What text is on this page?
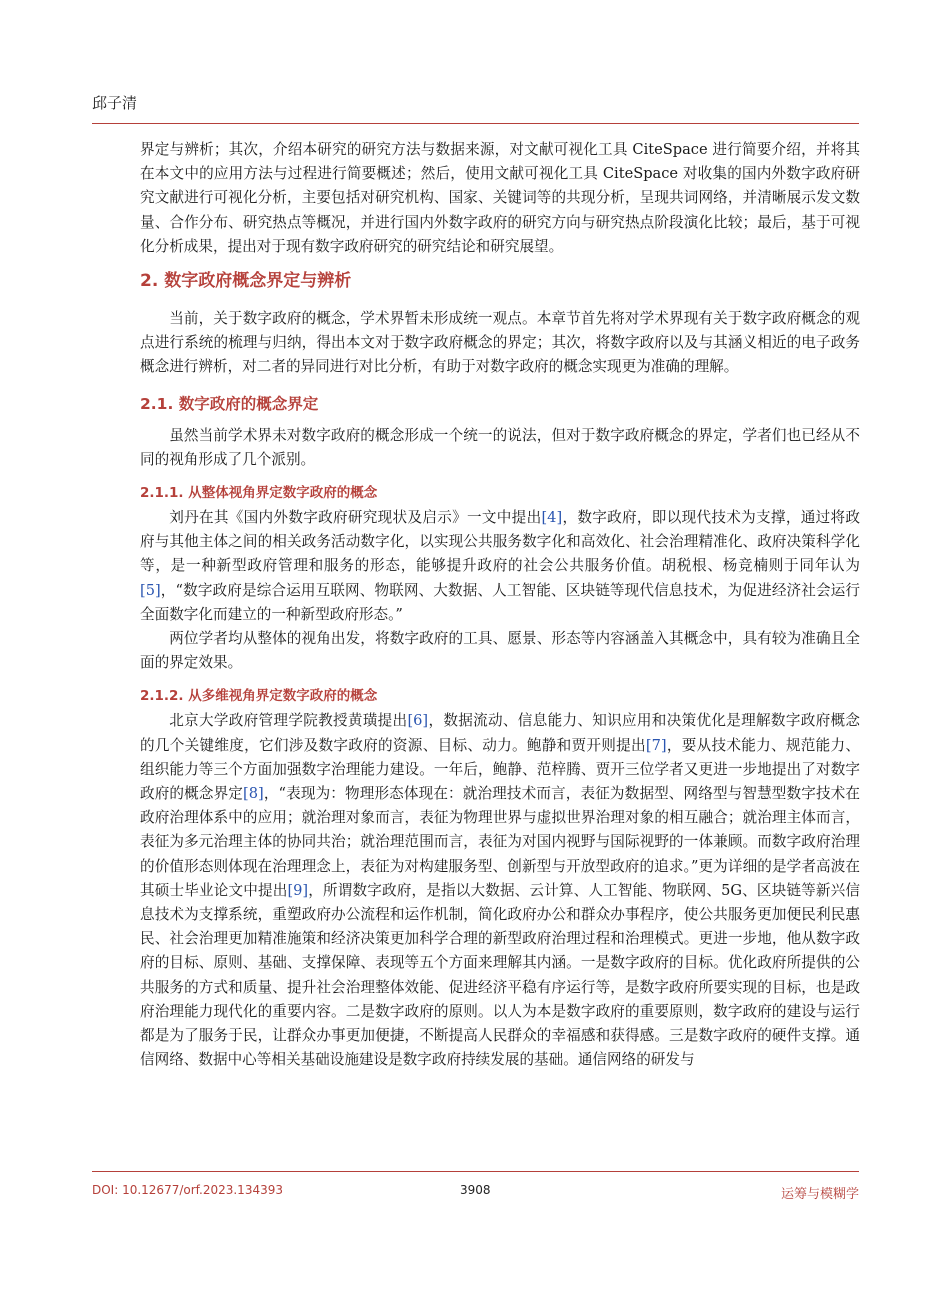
邱子清

界定与辨析；其次，介绍本研究的研究方法与数据来源，对文献可视化工具 CiteSpace 进行简要介绍，并将其在本文中的应用方法与过程进行简要概述；然后，使用文献可视化工具 CiteSpace 对收集的国内外数字政府研究文献进行可视化分析，主要包括对研究机构、国家、关键词等的共现分析，呈现共词网络，并清晰展示发文数量、合作分布、研究热点等概况，并进行国内外数字政府的研究方向与研究热点阶段演化比较；最后，基于可视化分析成果，提出对于现有数字政府研究的研究结论和研究展望。

2. 数字政府概念界定与辨析

当前，关于数字政府的概念，学术界暂未形成统一观点。本章节首先将对学术界现有关于数字政府概念的观点进行系统的梳理与归纳，得出本文对于数字政府概念的界定；其次，将数字政府以及与其涵义相近的电子政务概念进行辨析，对二者的异同进行对比分析，有助于对数字政府的概念实现更为准确的理解。

2.1. 数字政府的概念界定

虽然当前学术界未对数字政府的概念形成一个统一的说法，但对于数字政府概念的界定，学者们也已经从不同的视角形成了几个派别。

2.1.1. 从整体视角界定数字政府的概念

刘丹在其《国内外数字政府研究现状及启示》一文中提出[4]，数字政府，即以现代技术为支撑，通过将政府与其他主体之间的相关政务活动数字化，以实现公共服务数字化和高效化、社会治理精准化、政府决策科学化等，是一种新型政府管理和服务的形态，能够提升政府的社会公共服务价值。胡税根、杨竞楠则于同年认为[5]，“数字政府是综合运用互联网、物联网、大数据、人工智能、区块链等现代信息技术，为促进经济社会运行全面数字化而建立的一种新型政府形态。”

两位学者均从整体的视角出发，将数字政府的工具、愿景、形态等内容涵盖入其概念中，具有较为准确且全面的界定效果。

2.1.2. 从多维视角界定数字政府的概念

北京大学政府管理学院教授黄璜提出[6]，数据流动、信息能力、知识应用和决策优化是理解数字政府概念的几个关键维度，它们涉及数字政府的资源、目标、动力。鲍静和贾开则提出[7]，要从技术能力、规范能力、组织能力等三个方面加强数字治理能力建设。一年后，鲍静、范梓腾、贾开三位学者又更进一步地提出了对数字政府的概念界定[8]，“表现为：物理形态体现在：就治理技术而言，表征为数据型、网络型与智慧型数字技术在政府治理体系中的应用；就治理对象而言，表征为物理世界与虚拟世界治理对象的相互融合；就治理主体而言，表征为多元治理主体的协同共治；就治理范围而言，表征为对国内视野与国际视野的一体兼顾。而数字政府治理的价值形态则体现在治理理念上，表征为对构建服务型、创新型与开放型政府的追求。”更为详细的是学者高波在其硕士毕业论文中提出[9]，所谓数字政府，是指以大数据、云计算、人工智能、物联网、5G、区块链等新兴信息技术为支撑系统，重塑政府办公流程和运作机制，简化政府办公和群众办事程序，使公共服务更加便民利民惠民、社会治理更加精准施策和经济决策更加科学合理的新型政府治理过程和治理模式。更进一步地，他从数字政府的目标、原则、基础、支撑保障、表现等五个方面来理解其内涵。一是数字政府的目标。优化政府所提供的公共服务的方式和质量、提升社会治理整体效能、促进经济平稳有序运行等，是数字政府所要实现的目标，也是政府治理能力现代化的重要内容。二是数字政府的原则。以人为本是数字政府的重要原则，数字政府的建设与运行都是为了服务于民，让群众办事更加便捷，不断提高人民群众的幸福感和获得感。三是数字政府的硬件支撑。通信网络、数据中心等相关基础设施建设是数字政府持续发展的基础。通信网络的研发与

DOI: 10.12677/orf.2023.134393	3908	运筹与模糊学
